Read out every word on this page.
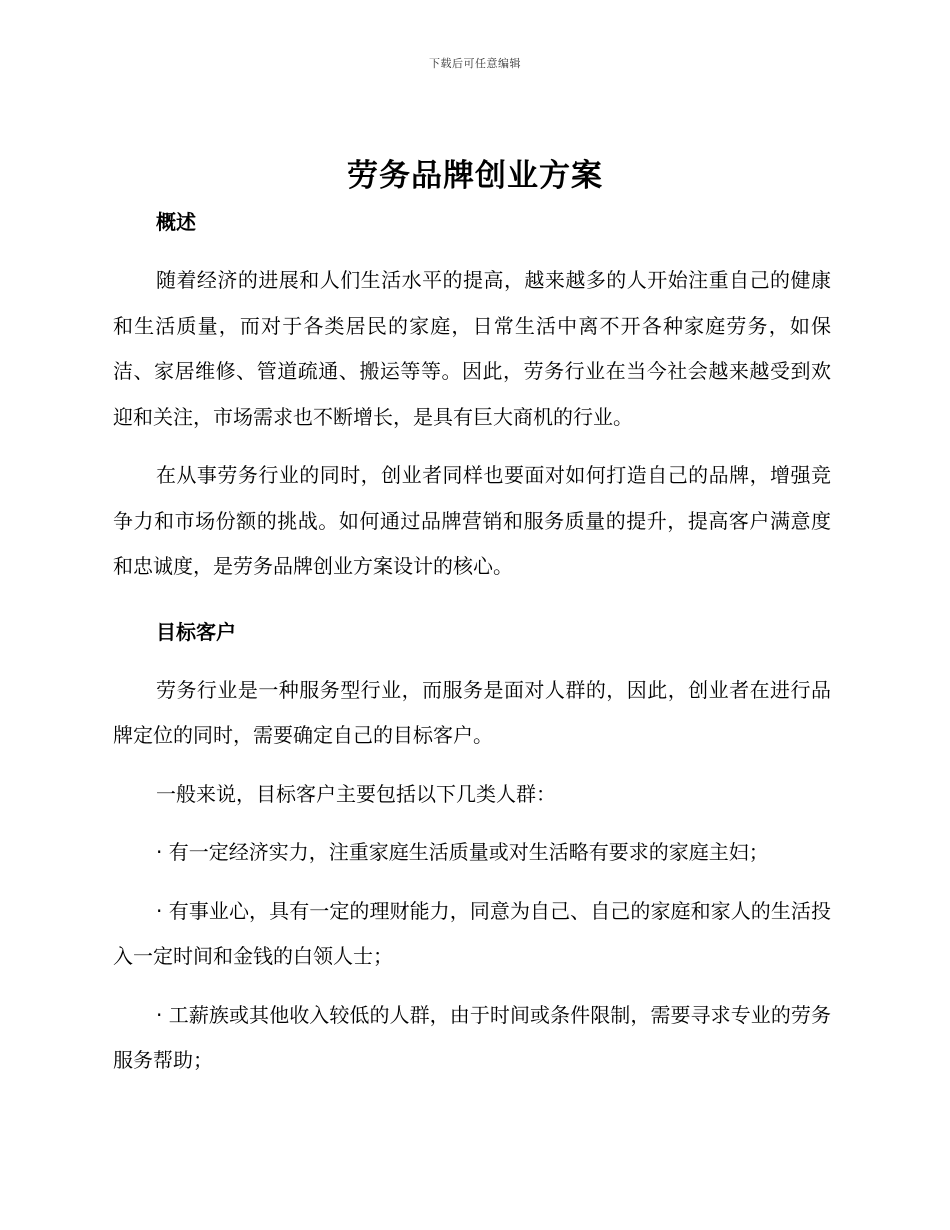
下载后可任意编辑
劳务品牌创业方案
概述

随着经济的进展和人们生活水平的提高，越来越多的人开始注重自己的健康和生活质量，而对于各类居民的家庭，日常生活中离不开各种家庭劳务，如保洁、家居维修、管道疏通、搬运等等。因此，劳务行业在当今社会越来越受到欢迎和关注，市场需求也不断增长，是具有巨大商机的行业。

在从事劳务行业的同时，创业者同样也要面对如何打造自己的品牌，增强竞争力和市场份额的挑战。如何通过品牌营销和服务质量的提升，提高客户满意度和忠诚度，是劳务品牌创业方案设计的核心。

目标客户

劳务行业是一种服务型行业，而服务是面对人群的，因此，创业者在进行品牌定位的同时，需要确定自己的目标客户。

一般来说，目标客户主要包括以下几类人群：

· 有一定经济实力，注重家庭生活质量或对生活略有要求的家庭主妇；

· 有事业心，具有一定的理财能力，同意为自己、自己的家庭和家人的生活投入一定时间和金钱的白领人士；

· 工薪族或其他收入较低的人群，由于时间或条件限制，需要寻求专业的劳务服务帮助；
